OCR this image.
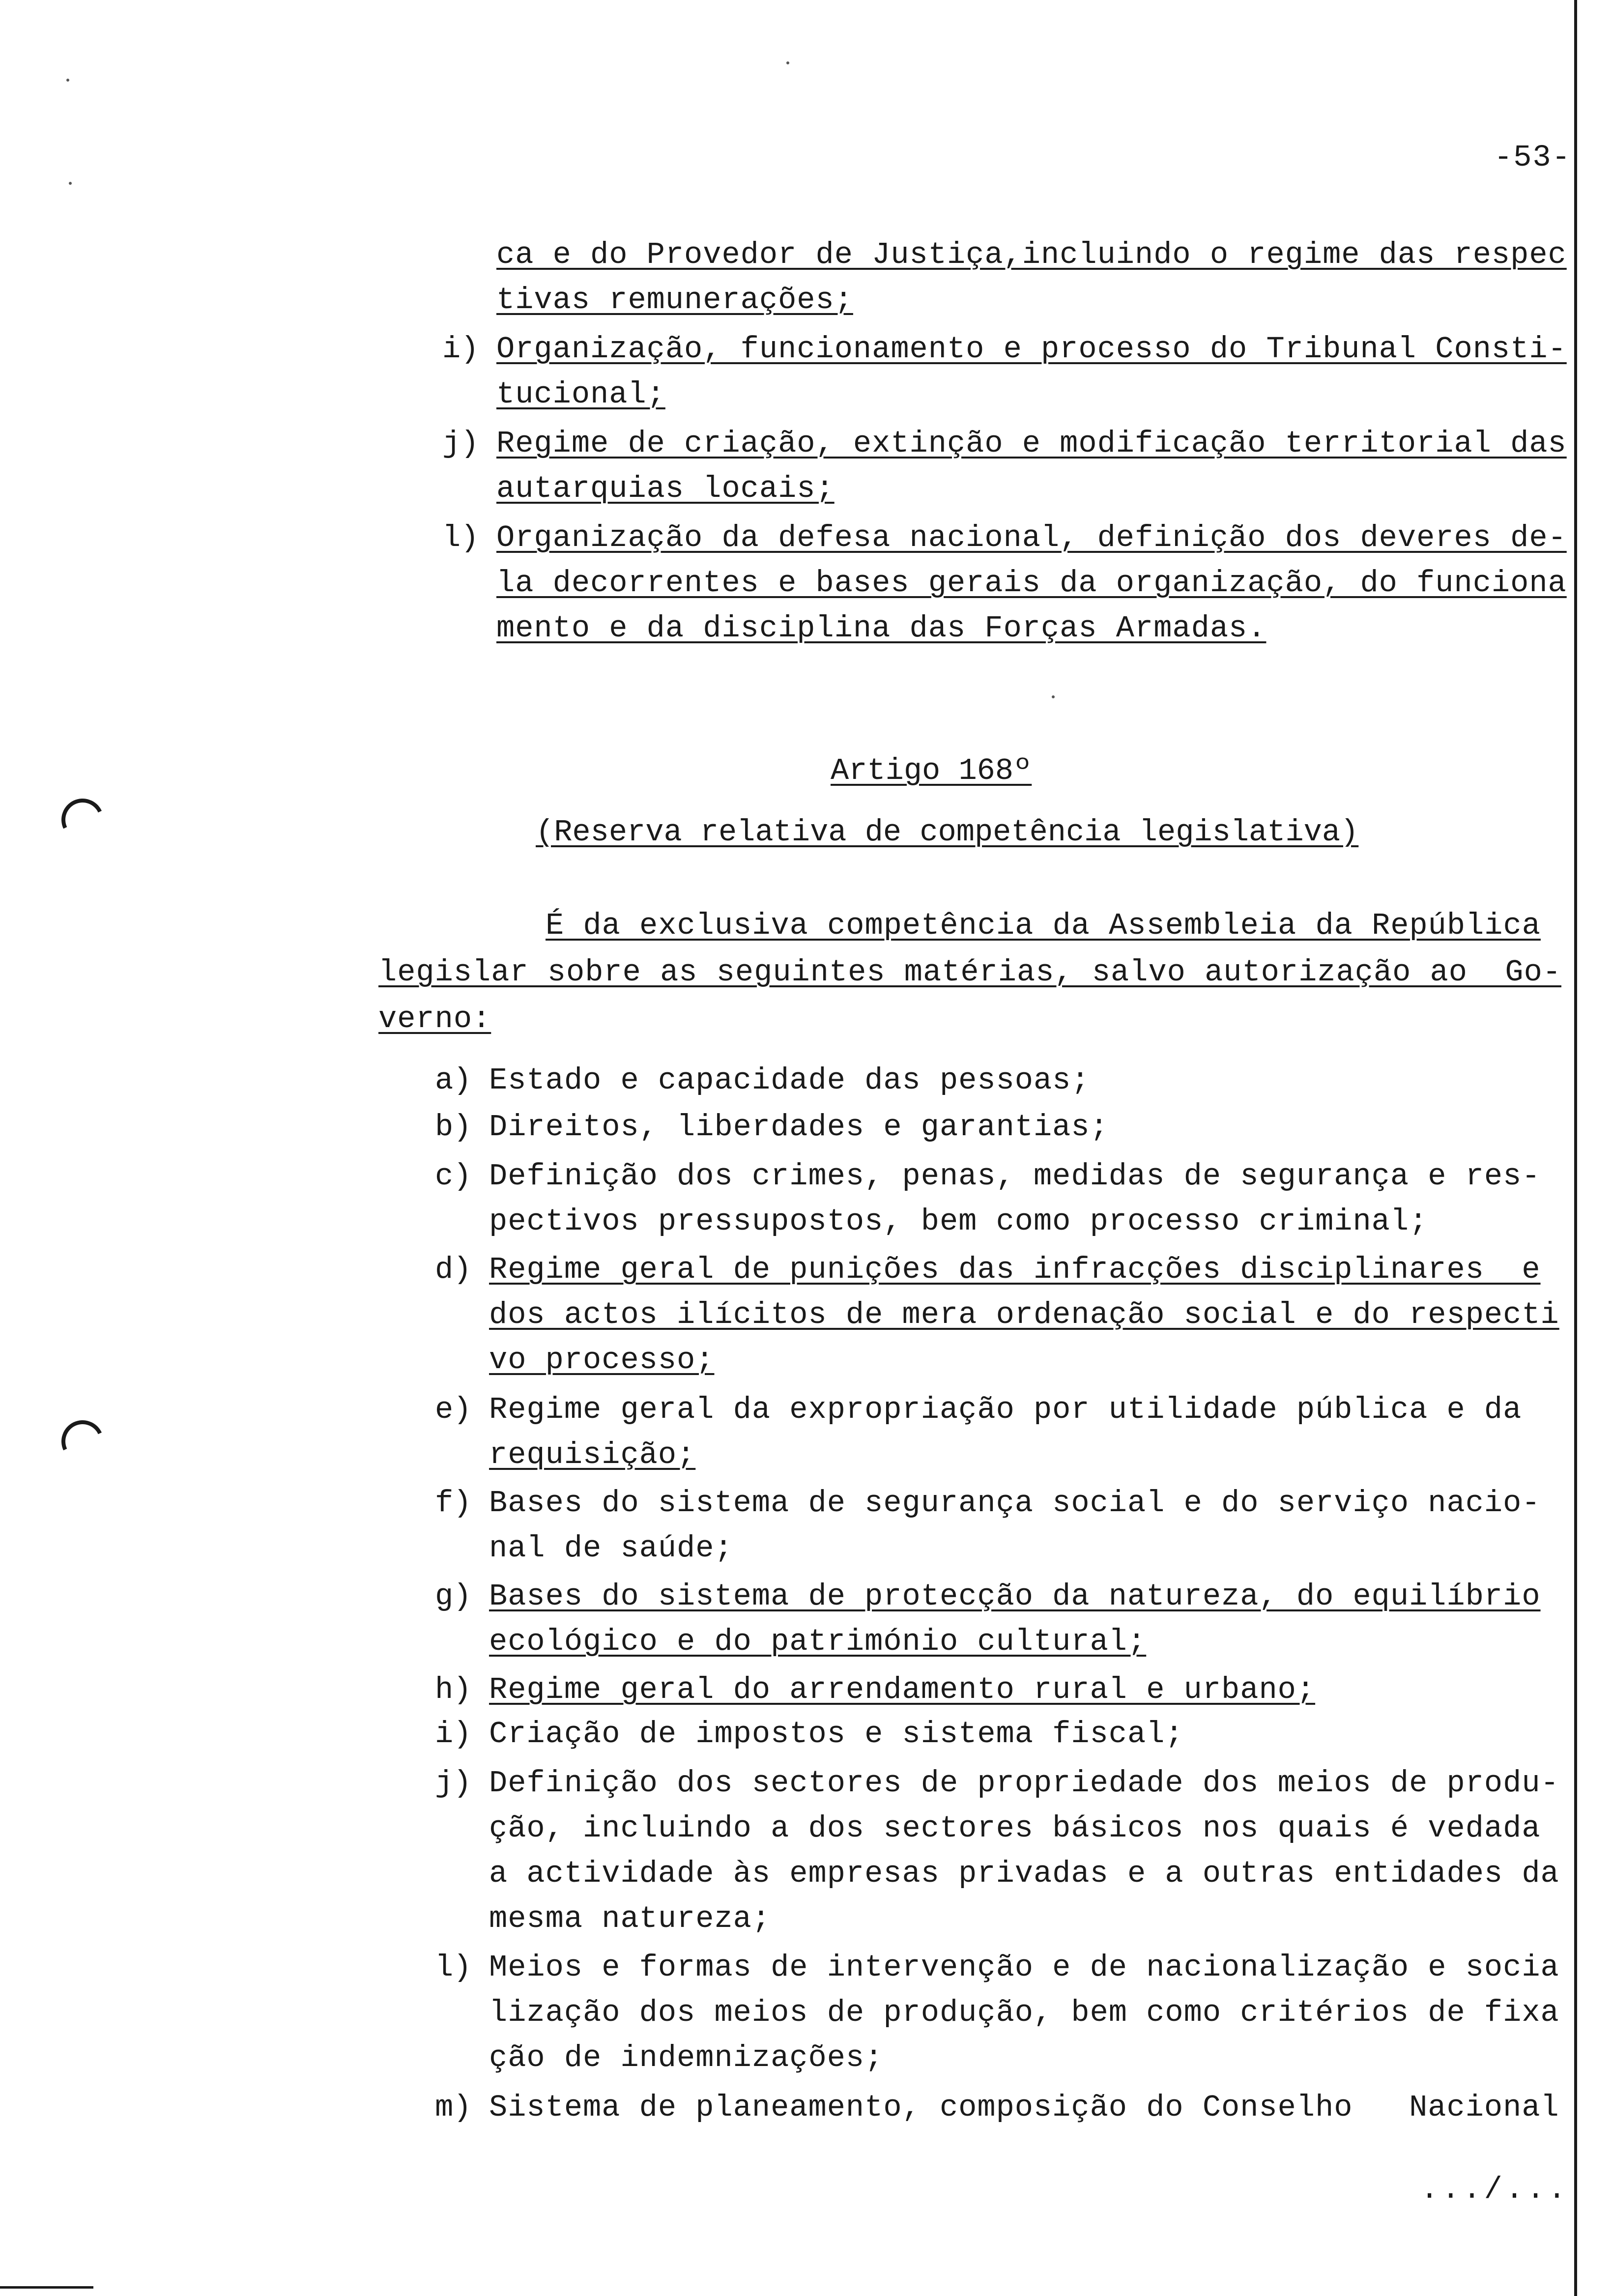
-53-
ca e do Provedor de Justiça,incluindo o regime das respec
tivas remunerações;
i) Organização, funcionamento e processo do Tribunal Consti-
tucional;
j) Regime de criação, extinção e modificação territorial das
autarquias locais;
l) Organização da defesa nacional, definição dos deveres de-
la decorrentes e bases gerais da organização, do funciona
mento e da disciplina das Forças Armadas.
Artigo 168º
(Reserva relativa de competência legislativa)
É da exclusiva competência da Assembleia da República
legislar sobre as seguintes matérias, salvo autorização ao  Go-
verno:
a) Estado e capacidade das pessoas;
b) Direitos, liberdades e garantias;
c) Definição dos crimes, penas, medidas de segurança e res-
pectivos pressupostos, bem como processo criminal;
d) Regime geral de punições das infracções disciplinares  e
dos actos ilícitos de mera ordenação social e do respecti
vo processo;
e) Regime geral da expropriação por utilidade pública e da
requisição;
f) Bases do sistema de segurança social e do serviço nacio-
nal de saúde;
g) Bases do sistema de protecção da natureza, do equilíbrio
ecológico e do património cultural;
h) Regime geral do arrendamento rural e urbano;
i) Criação de impostos e sistema fiscal;
j) Definição dos sectores de propriedade dos meios de produ-
ção, incluindo a dos sectores básicos nos quais é vedada
a actividade às empresas privadas e a outras entidades da
mesma natureza;
l) Meios e formas de intervenção e de nacionalização e socia
lização dos meios de produção, bem como critérios de fixa
ção de indemnizações;
m) Sistema de planeamento, composição do Conselho   Nacional
.../...
